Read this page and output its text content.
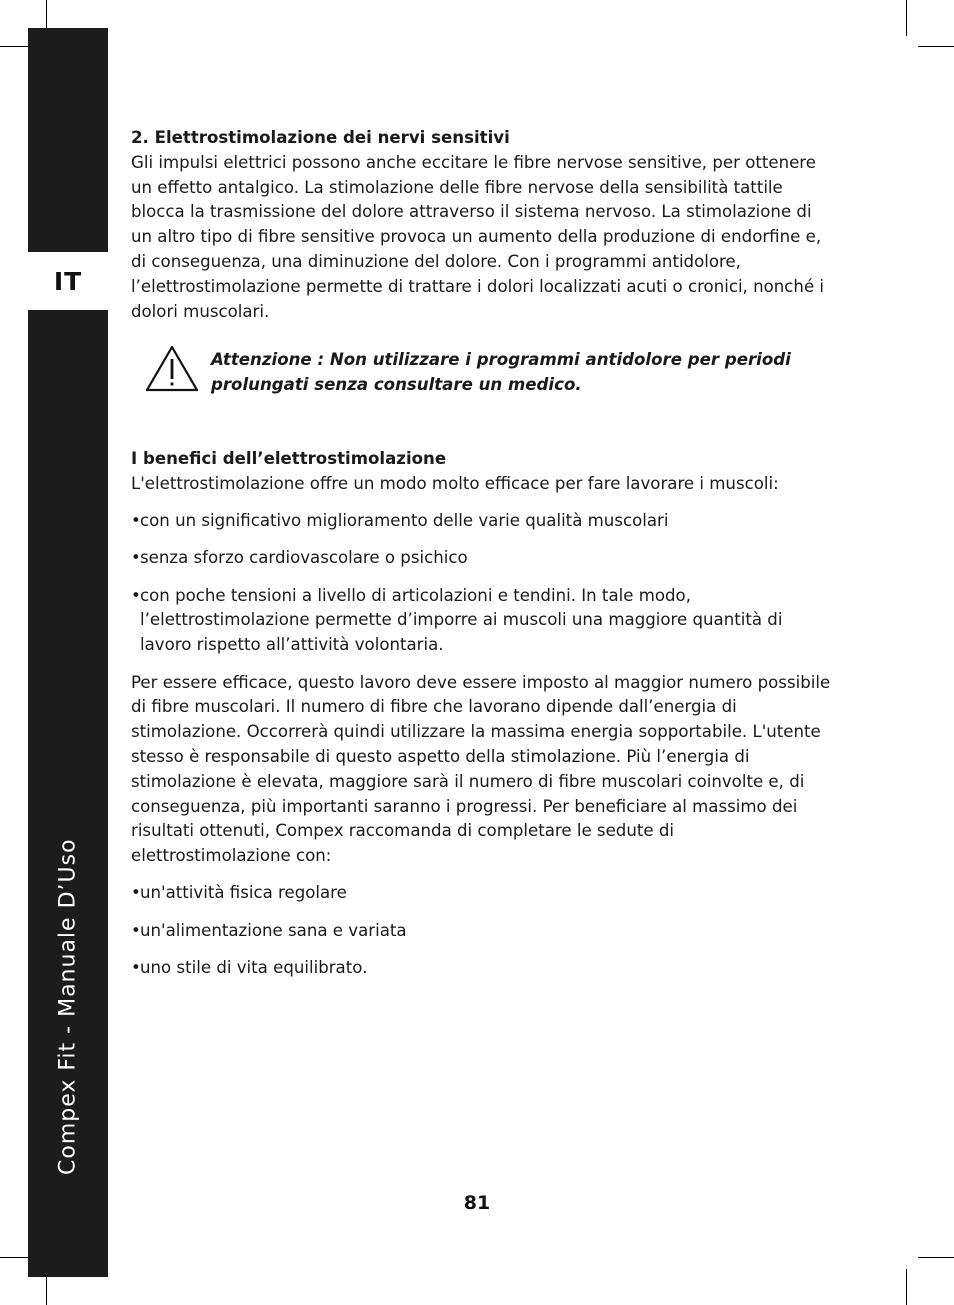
IT
Compex Fit - Manuale D’Uso
2. Elettrostimolazione dei nervi sensitivi

Gli impulsi elettrici possono anche eccitare le fibre nervose sensitive, per ottenere un effetto antalgico. La stimolazione delle fibre nervose della sensibilità tattile blocca la trasmissione del dolore attraverso il sistema nervoso. La stimolazione di un altro tipo di fibre sensitive provoca un aumento della produzione di endorfine e, di conseguenza, una diminuzione del dolore. Con i programmi antidolore, l’elettrostimolazione permette di trattare i dolori localizzati acuti o cronici, nonché i dolori muscolari.

Attenzione : Non utilizzare i programmi antidolore per periodi prolungati senza consultare un medico.
I benefici dell’elettrostimolazione

L'elettrostimolazione offre un modo molto efficace per fare lavorare i muscoli:

• con un significativo miglioramento delle varie qualità muscolari
• senza sforzo cardiovascolare o psichico
• con poche tensioni a livello di articolazioni e tendini. In tale modo, l’elettrostimolazione permette d’imporre ai muscoli una maggiore quantità di lavoro rispetto all’attività volontaria.

Per essere efficace, questo lavoro deve essere imposto al maggior numero possibile di fibre muscolari. Il numero di fibre che lavorano dipende dall’energia di stimolazione. Occorrerà quindi utilizzare la massima energia sopportabile. L'utente stesso è responsabile di questo aspetto della stimolazione. Più l’energia di stimolazione è elevata, maggiore sarà il numero di fibre muscolari coinvolte e, di conseguenza, più importanti saranno i progressi. Per beneficiare al massimo dei risultati ottenuti, Compex raccomanda di completare le sedute di elettrostimolazione con:

• un'attività fisica regolare
• un'alimentazione sana e variata
• uno stile di vita equilibrato.
81
